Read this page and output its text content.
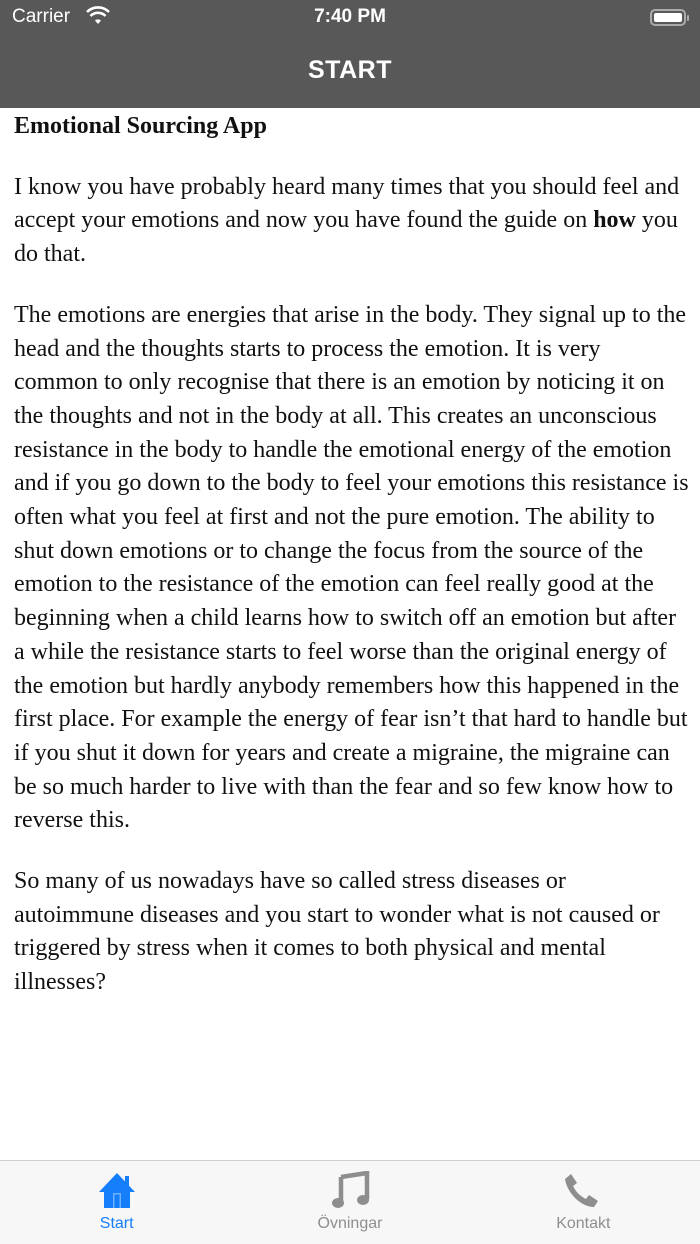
Carrier	7:40 PM
START
Emotional Sourcing App

I know you have probably heard many times that you should feel and accept your emotions and now you have found the guide on how you do that.

The emotions are energies that arise in the body. They signal up to the head and the thoughts starts to process the emotion. It is very common to only recognise that there is an emotion by noticing it on the thoughts and not in the body at all. This creates an unconscious resistance in the body to handle the emotional energy of the emotion and if you go down to the body to feel your emotions this resistance is often what you feel at first and not the pure emotion. The ability to shut down emotions or to change the focus from the source of the emotion to the resistance of the emotion can feel really good at the beginning when a child learns how to switch off an emotion but after a while the resistance starts to feel worse than the original energy of the emotion but hardly anybody remembers how this happened in the first place. For example the energy of fear isn’t that hard to handle but if you shut it down for years and create a migraine, the migraine can be so much harder to live with than the fear and so few know how to reverse this.

So many of us nowadays have so called stress diseases or autoimmune diseases and you start to wonder what is not caused or triggered by stress when it comes to both physical and mental illnesses?

Start	Övningar	Kontakt
